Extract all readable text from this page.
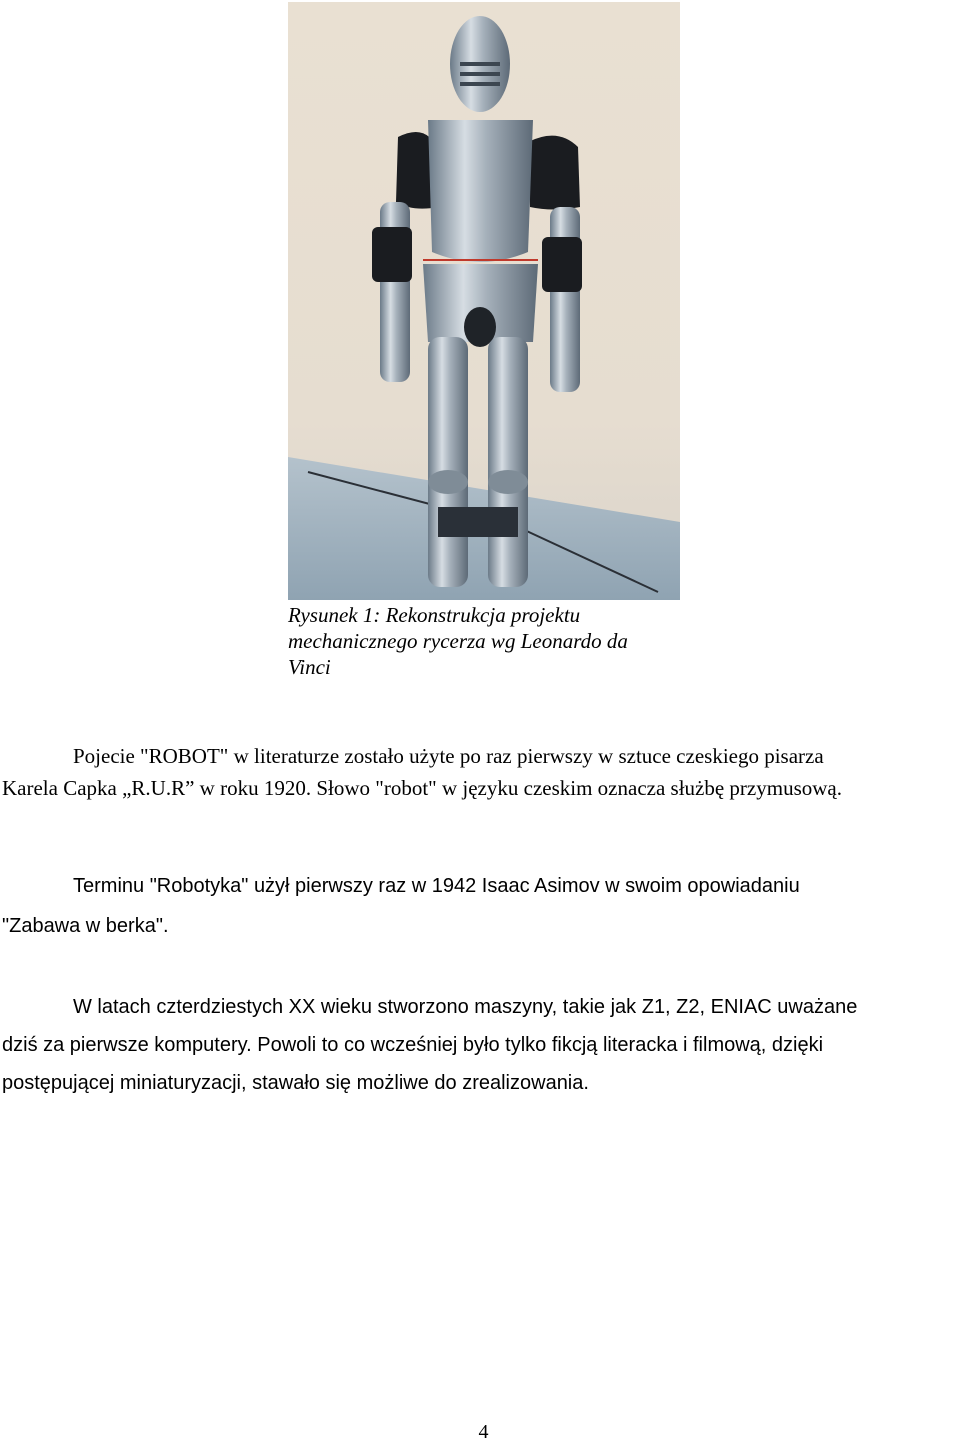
Rysunek 1: Rekonstrukcja projektu
mechanicznego rycerza wg Leonardo da
Vinci

Pojecie "ROBOT" w literaturze zostało użyte po raz pierwszy w sztuce czeskiego pisarza
Karela Capka „R.U.R” w roku 1920. Słowo "robot" w języku czeskim oznacza służbę przymusową.

Terminu "Robotyka" użył pierwszy raz w 1942 Isaac Asimov w swoim opowiadaniu
"Zabawa w berka".

W latach czterdziestych XX wieku stworzono maszyny, takie jak Z1, Z2, ENIAC uważane
dziś za pierwsze komputery. Powoli to co wcześniej było tylko fikcją literacka i filmową, dzięki
postępującej miniaturyzacji, stawało się możliwe do zrealizowania.

4
